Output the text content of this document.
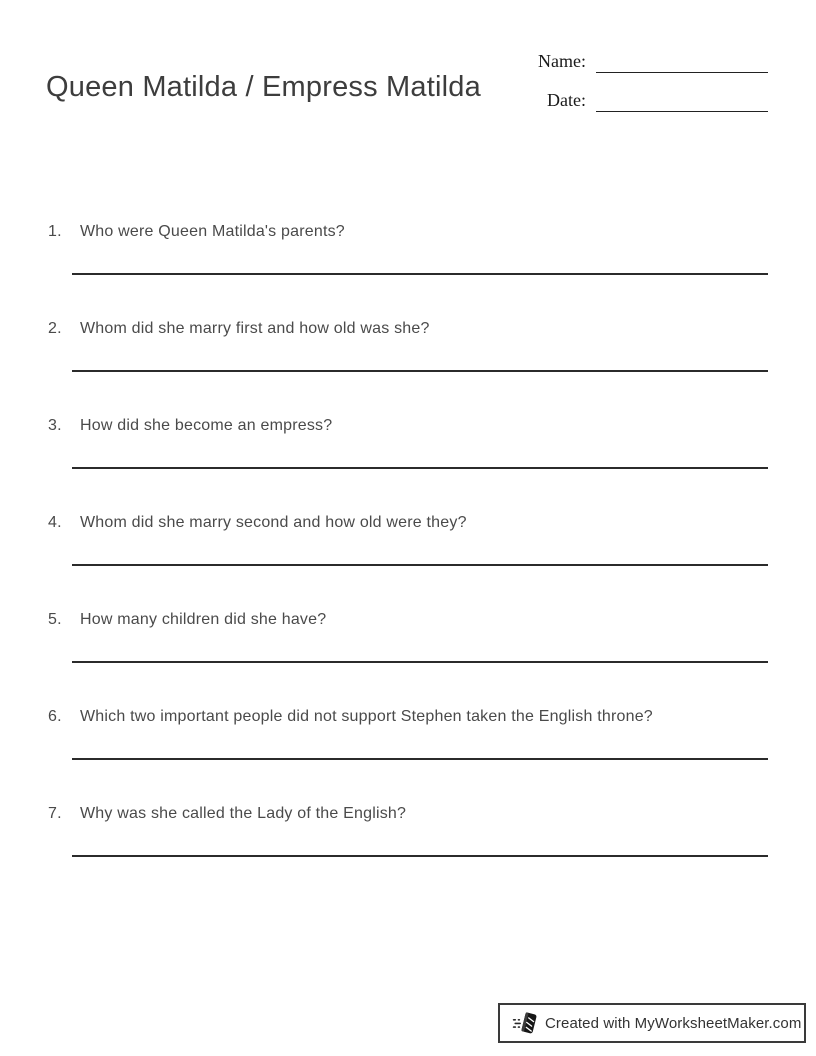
Queen Matilda / Empress Matilda
Name:
Date:
1.	Who were Queen Matilda's parents?
2.	Whom did she marry first and how old was she?
3.	How did she become an empress?
4.	Whom did she marry second and how old were they?
5.	How many children did she have?
6.	Which two important people did not support Stephen taken the English throne?
7.	Why was she called the Lady of the English?
Created with MyWorksheetMaker.com
